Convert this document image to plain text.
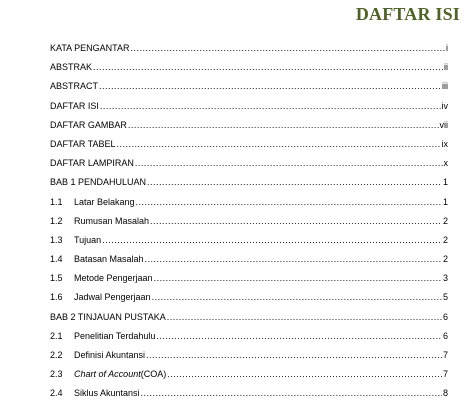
DAFTAR ISI
KATA PENGANTAR .....	i
ABSTRAK .....	ii
ABSTRACT .....	iii
DAFTAR ISI .....	iv
DAFTAR GAMBAR .....	vii
DAFTAR TABEL .....	ix
DAFTAR LAMPIRAN .....	x
BAB 1 PENDAHULUAN .....	1
1.1	Latar Belakang .....	1
1.2	Rumusan Masalah .....	2
1.3	Tujuan .....	2
1.4	Batasan Masalah .....	2
1.5	Metode Pengerjaan .....	3
1.6	Jadwal Pengerjaan .....	5
BAB 2 TINJAUAN PUSTAKA .....	6
2.1	Penelitian Terdahulu .....	6
2.2	Definisi Akuntansi .....	7
2.3	Chart of Account (COA) .....	7
2.4	Siklus Akuntansi .....	8
